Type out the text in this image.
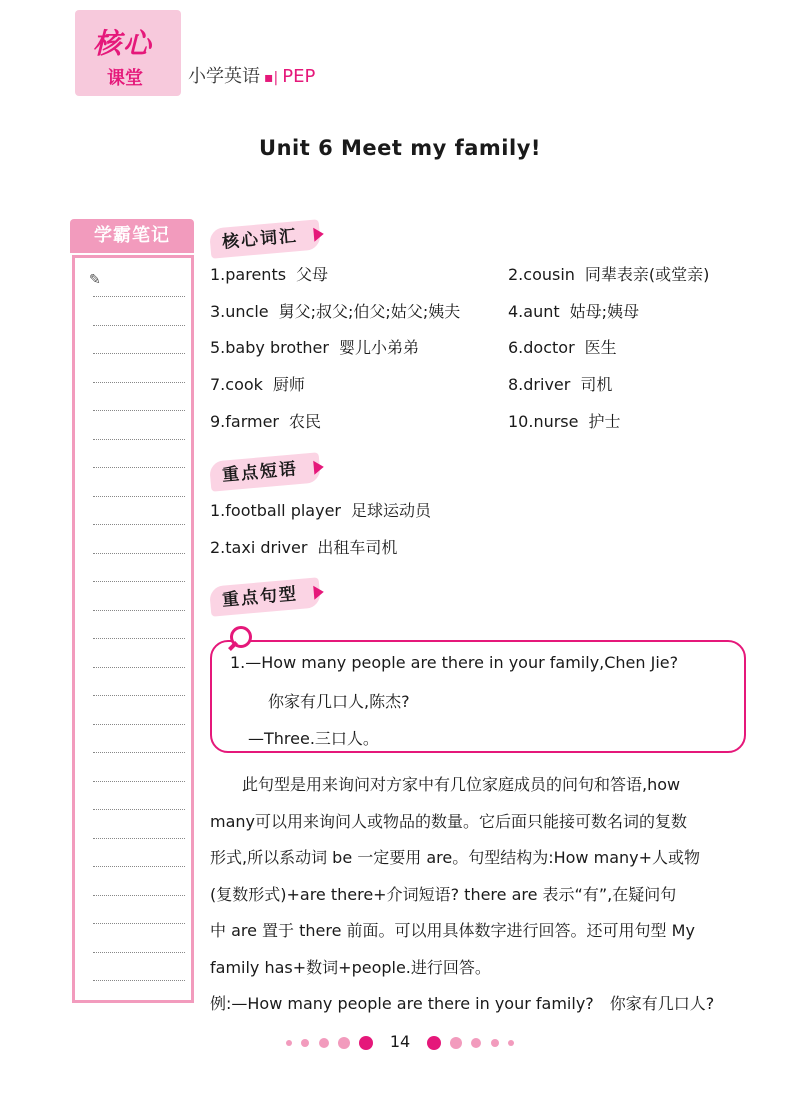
核心
课堂	小学英语 ▪| PEP
Unit 6 Meet my family!
学霸笔记
✎
核心词汇
1.parents 父母	2.cousin 同辈表亲(或堂亲)
3.uncle 舅父;叔父;伯父;姑父;姨夫	4.aunt 姑母;姨母
5.baby brother 婴儿小弟弟	6.doctor 医生
7.cook 厨师	8.driver 司机
9.farmer 农民	10.nurse 护士
重点短语
1.football player 足球运动员
2.taxi driver 出租车司机
重点句型
1.—How many people are there in your family,Chen Jie?
你家有几口人,陈杰?
—Three.三口人。
　　此句型是用来询问对方家中有几位家庭成员的问句和答语,how
many可以用来询问人或物品的数量。它后面只能接可数名词的复数
形式,所以系动词 be 一定要用 are。句型结构为:How many+人或物
(复数形式)+are there+介词短语? there are 表示“有”,在疑问句
中 are 置于 there 前面。可以用具体数字进行回答。还可用句型 My
family has+数词+people.进行回答。
例:—How many people are there in your family?　你家有几口人?
14
